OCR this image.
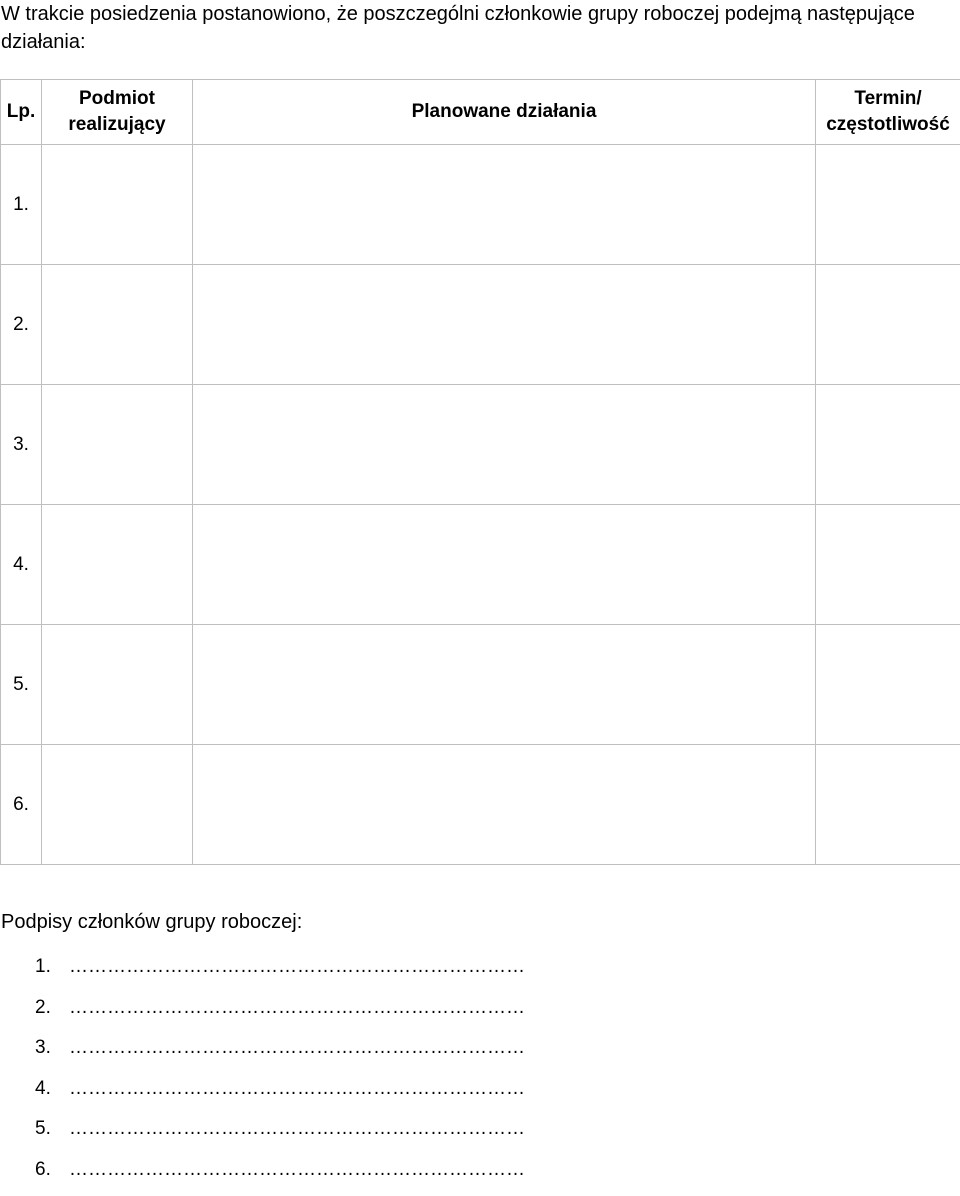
W trakcie posiedzenia postanowiono, że poszczególni członkowie grupy roboczej podejmą następujące działania:
Lp.	Podmiot realizujący	Planowane działania	Termin/ częstotliwość
1.			
2.			
3.			
4.			
5.			
6.			
Podpisy członków grupy roboczej:
1. ………………………………………………………………
2. ………………………………………………………………
3. ………………………………………………………………
4. ………………………………………………………………
5. ………………………………………………………………
6. ………………………………………………………………
